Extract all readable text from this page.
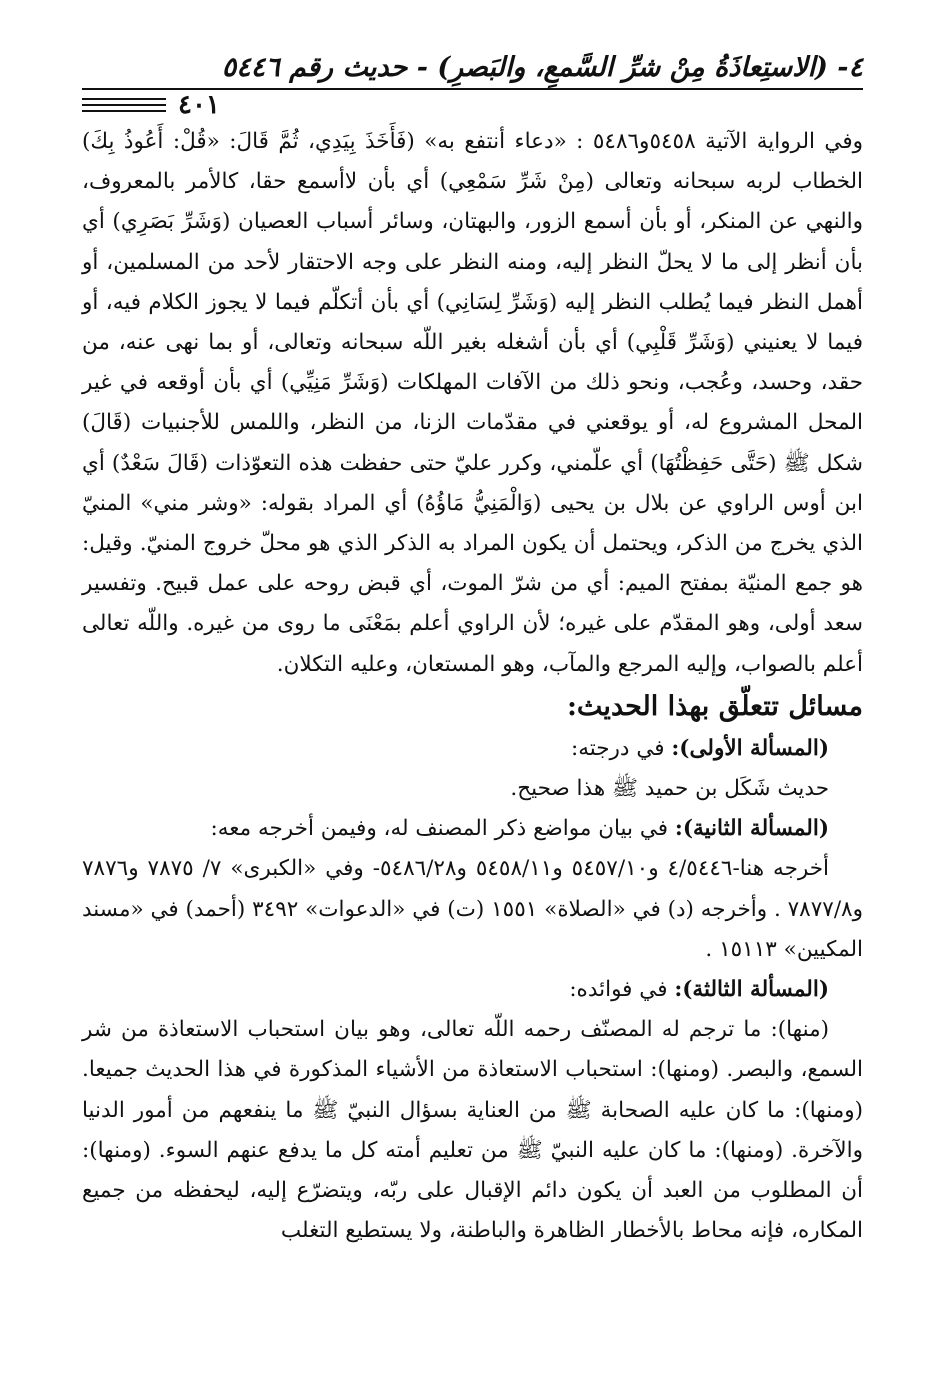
٤- (الاستِعاذَةُ مِنْ شرِّ السَّمعِ، والبَصرِ) - حديث رقم ٥٤٤٦
٤٠١

وفي الرواية الآتية ٥٤٥٨و٥٤٨٦ : «دعاء أنتفع به» (فَأَخَذَ بِيَدِي، ثُمَّ قَالَ: «قُلْ: أَعُوذُ بِكَ) الخطاب لربه سبحانه وتعالى (مِنْ شَرِّ سَمْعِي) أي بأن لاأسمع حقا، كالأمر بالمعروف، والنهي عن المنكر، أو بأن أسمع الزور، والبهتان، وسائر أسباب العصيان (وَشَرِّ بَصَرِي) أي بأن أنظر إلى ما لا يحلّ النظر إليه، ومنه النظر على وجه الاحتقار لأحد من المسلمين، أو أهمل النظر فيما يُطلب النظر إليه (وَشَرِّ لِسَانِي) أي بأن أتكلّم فيما لا يجوز الكلام فيه، أو فيما لا يعنيني (وَشَرِّ قَلْبِي) أي بأن أشغله بغير اللّه سبحانه وتعالى، أو بما نهى عنه، من حقد، وحسد، وعُجب، ونحو ذلك من الآفات المهلكات (وَشَرِّ مَنِيِّي) أي بأن أوقعه في غير المحل المشروع له، أو يوقعني في مقدّمات الزنا، من النظر، واللمس للأجنبيات (قَالَ) شكل ﷺ (حَتَّى حَفِظْتُهَا) أي علّمني، وكرر عليّ حتى حفظت هذه التعوّذات (قَالَ سَعْدٌ) أي ابن أوس الراوي عن بلال بن يحيى (وَالْمَنِيُّ مَاؤُهُ) أي المراد بقوله: «وشر مني» المنيّ الذي يخرج من الذكر، ويحتمل أن يكون المراد به الذكر الذي هو محلّ خروج المنيّ. وقيل: هو جمع المنيّة بمفتح الميم: أي من شرّ الموت، أي قبض روحه على عمل قبيح. وتفسير سعد أولى، وهو المقدّم على غيره؛ لأن الراوي أعلم بمَعْنَى ما روى من غيره. واللّه تعالى أعلم بالصواب، وإليه المرجع والمآب، وهو المستعان، وعليه التكلان.

مسائل تتعلّق بهذا الحديث:

(المسألة الأولى): في درجته:

حديث شَكَل بن حميد ﷺ هذا صحيح.

(المسألة الثانية): في بيان مواضع ذكر المصنف له، وفيمن أخرجه معه:

أخرجه هنا-٤/٥٤٤٦ و٥٤٥٧/١٠ و٥٤٥٨/١١ و٥٤٨٦/٢٨- وفي «الكبرى» ٧/ ٧٨٧٥ و٧٨٧٦ و٧٨٧٧/٨ . وأخرجه (د) في «الصلاة» ١٥٥١ (ت) في «الدعوات» ٣٤٩٢ (أحمد) في «مسند المكيين» ١٥١١٣ .

(المسألة الثالثة): في فوائده:

(منها): ما ترجم له المصنّف رحمه اللّه تعالى، وهو بيان استحباب الاستعاذة من شر السمع، والبصر. (ومنها): استحباب الاستعاذة من الأشياء المذكورة في هذا الحديث جميعا. (ومنها): ما كان عليه الصحابة ﷺ من العناية بسؤال النبيّ ﷺ ما ينفعهم من أمور الدنيا والآخرة. (ومنها): ما كان عليه النبيّ ﷺ من تعليم أمته كل ما يدفع عنهم السوء. (ومنها): أن المطلوب من العبد أن يكون دائم الإقبال على ربّه، ويتضرّع إليه، ليحفظه من جميع المكاره، فإنه محاط بالأخطار الظاهرة والباطنة، ولا يستطيع التغلب
